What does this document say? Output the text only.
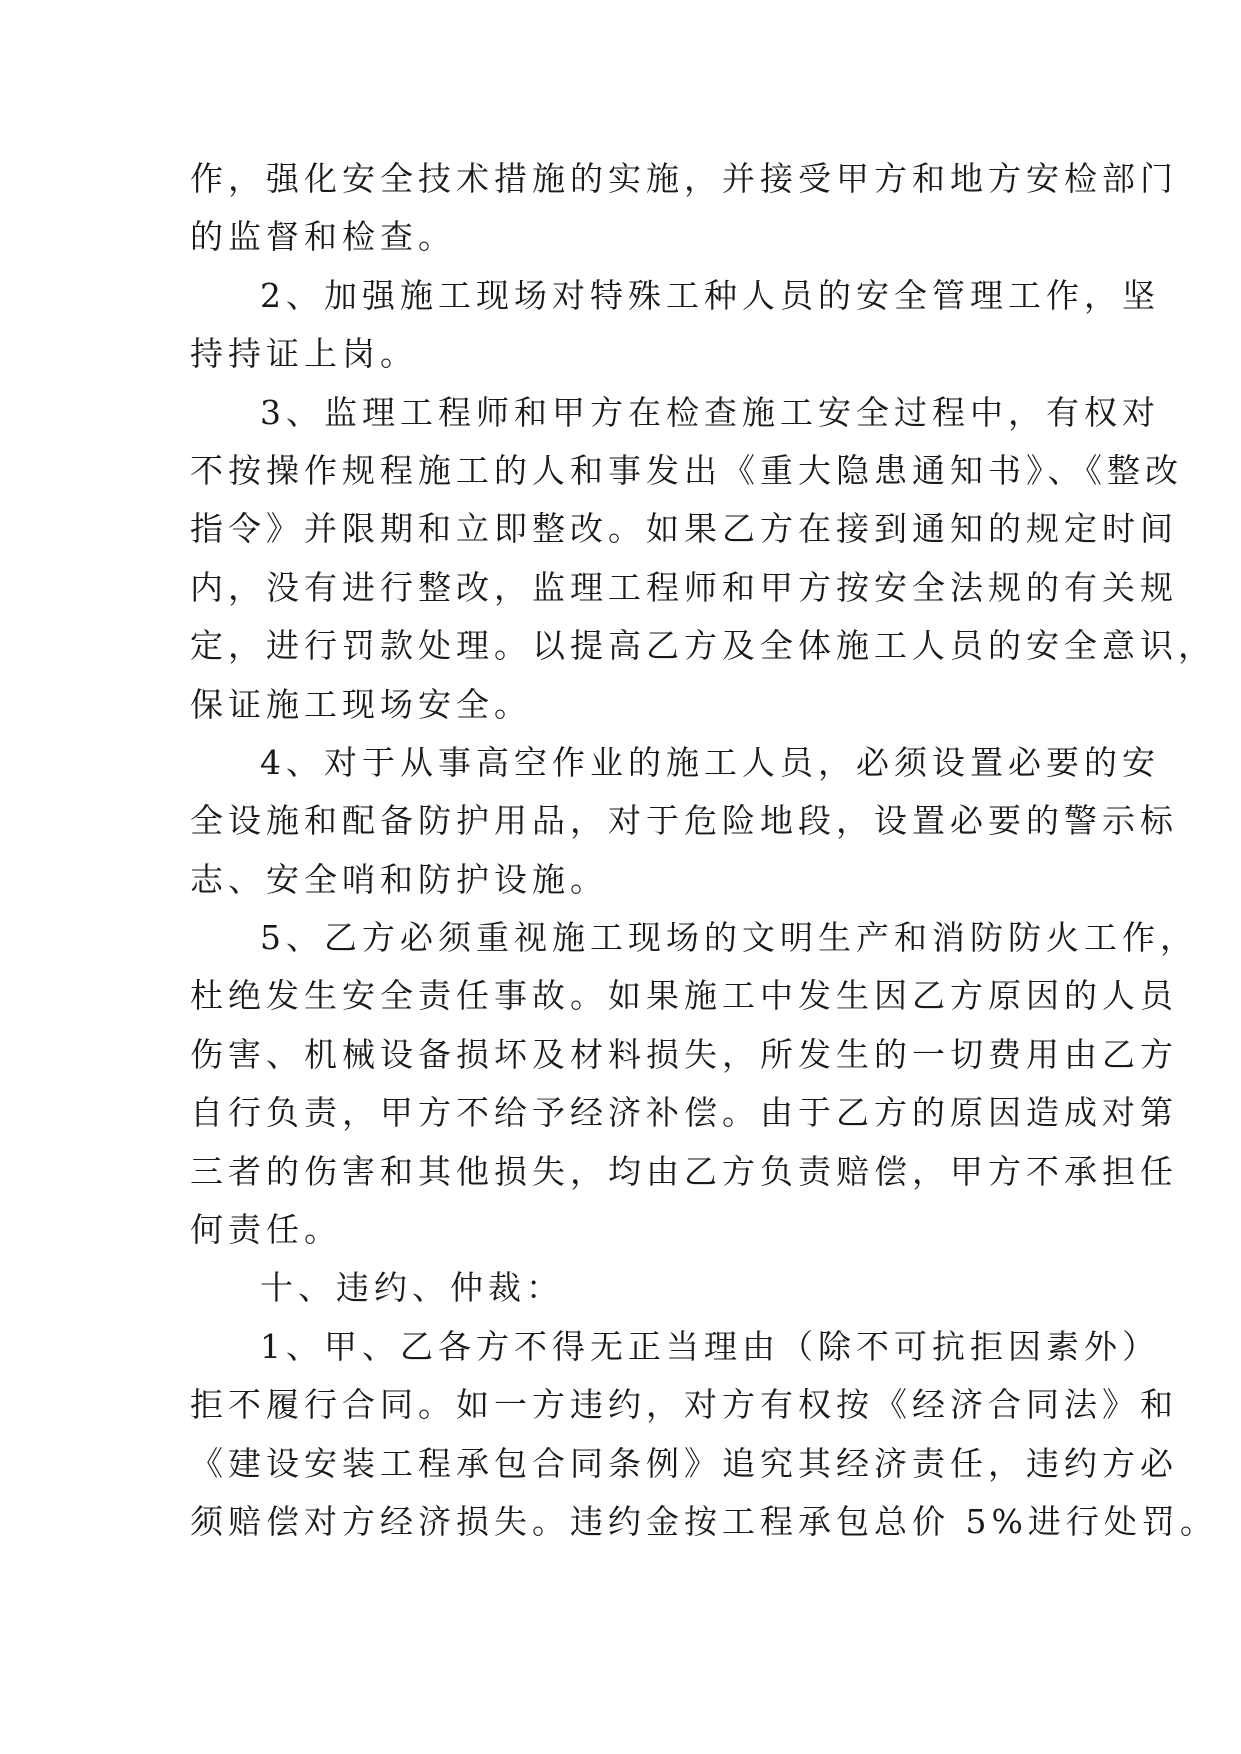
作，强化安全技术措施的实施，并接受甲方和地方安检部门
的监督和检查。
2、加强施工现场对特殊工种人员的安全管理工作，坚
持持证上岗。
3、监理工程师和甲方在检查施工安全过程中，有权对
不按操作规程施工的人和事发出《重大隐患通知书》、《整改
指令》并限期和立即整改。如果乙方在接到通知的规定时间
内，没有进行整改，监理工程师和甲方按安全法规的有关规
定，进行罚款处理。以提高乙方及全体施工人员的安全意识，
保证施工现场安全。
4、对于从事高空作业的施工人员，必须设置必要的安
全设施和配备防护用品，对于危险地段，设置必要的警示标
志、安全哨和防护设施。
5、乙方必须重视施工现场的文明生产和消防防火工作，
杜绝发生安全责任事故。如果施工中发生因乙方原因的人员
伤害、机械设备损坏及材料损失，所发生的一切费用由乙方
自行负责，甲方不给予经济补偿。由于乙方的原因造成对第
三者的伤害和其他损失，均由乙方负责赔偿，甲方不承担任
何责任。
十、违约、仲裁：
1、甲、乙各方不得无正当理由（除不可抗拒因素外）
拒不履行合同。如一方违约，对方有权按《经济合同法》和
《建设安装工程承包合同条例》追究其经济责任，违约方必
须赔偿对方经济损失。违约金按工程承包总价 5%进行处罚。
